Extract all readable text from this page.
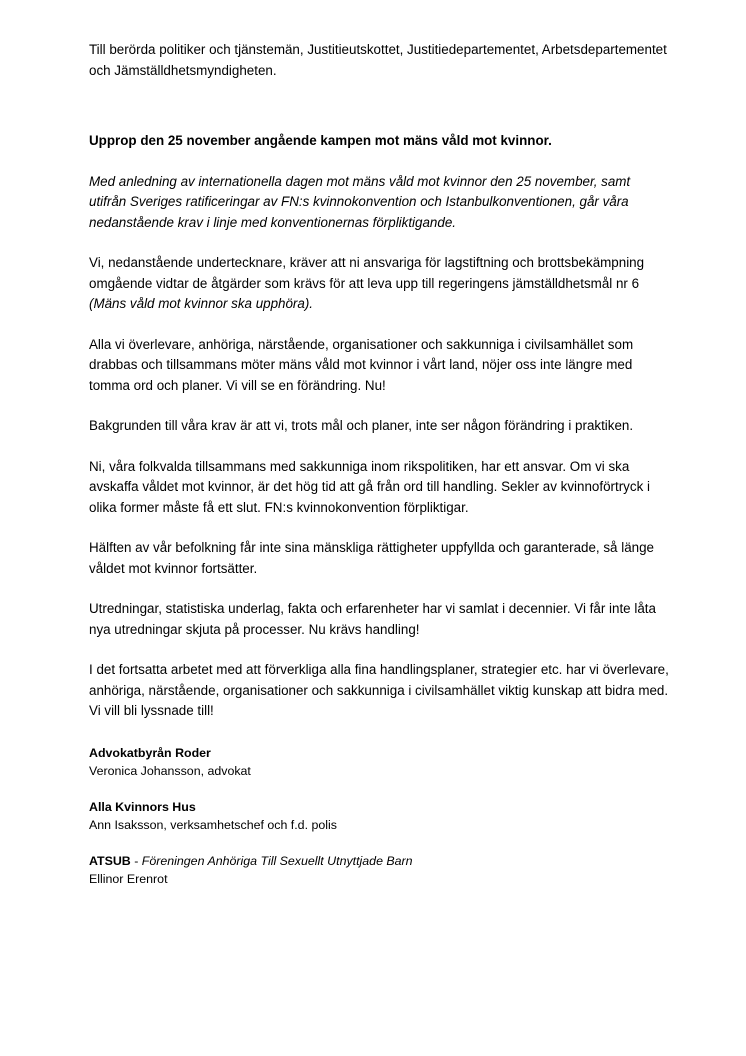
Till berörda politiker och tjänstemän, Justitieutskottet, Justitiedepartementet, Arbetsdepartementet och Jämställdhetsmyndigheten.

Upprop den 25 november angående kampen mot mäns våld mot kvinnor.

Med anledning av internationella dagen mot mäns våld mot kvinnor den 25 november, samt utifrån Sveriges ratificeringar av FN:s kvinnokonvention och Istanbulkonventionen, går våra nedanstående krav i linje med konventionernas förpliktigande.

Vi, nedanstående undertecknare, kräver att ni ansvariga för lagstiftning och brottsbekämpning omgående vidtar de åtgärder som krävs för att leva upp till regeringens jämställdhetsmål nr 6 (Mäns våld mot kvinnor ska upphöra).

Alla vi överlevare, anhöriga, närstående, organisationer och sakkunniga i civilsamhället som drabbas och tillsammans möter mäns våld mot kvinnor i vårt land, nöjer oss inte längre med tomma ord och planer. Vi vill se en förändring. Nu!

Bakgrunden till våra krav är att vi, trots mål och planer, inte ser någon förändring i praktiken.

Ni, våra folkvalda tillsammans med sakkunniga inom rikspolitiken, har ett ansvar. Om vi ska avskaffa våldet mot kvinnor, är det hög tid att gå från ord till handling. Sekler av kvinnoförtryck i olika former måste få ett slut. FN:s kvinnokonvention förpliktigar.

Hälften av vår befolkning får inte sina mänskliga rättigheter uppfyllda och garanterade, så länge våldet mot kvinnor fortsätter.

Utredningar, statistiska underlag, fakta och erfarenheter har vi samlat i decennier. Vi får inte låta nya utredningar skjuta på processer. Nu krävs handling!

I det fortsatta arbetet med att förverkliga alla fina handlingsplaner, strategier etc. har vi överlevare, anhöriga, närstående, organisationer och sakkunniga i civilsamhället viktig kunskap att bidra med. Vi vill bli lyssnade till!

Advokatbyrån Roder
Veronica Johansson, advokat
Alla Kvinnors Hus
Ann Isaksson, verksamhetschef och f.d. polis
ATSUB - Föreningen Anhöriga Till Sexuellt Utnyttjade Barn
Ellinor Erenrot
